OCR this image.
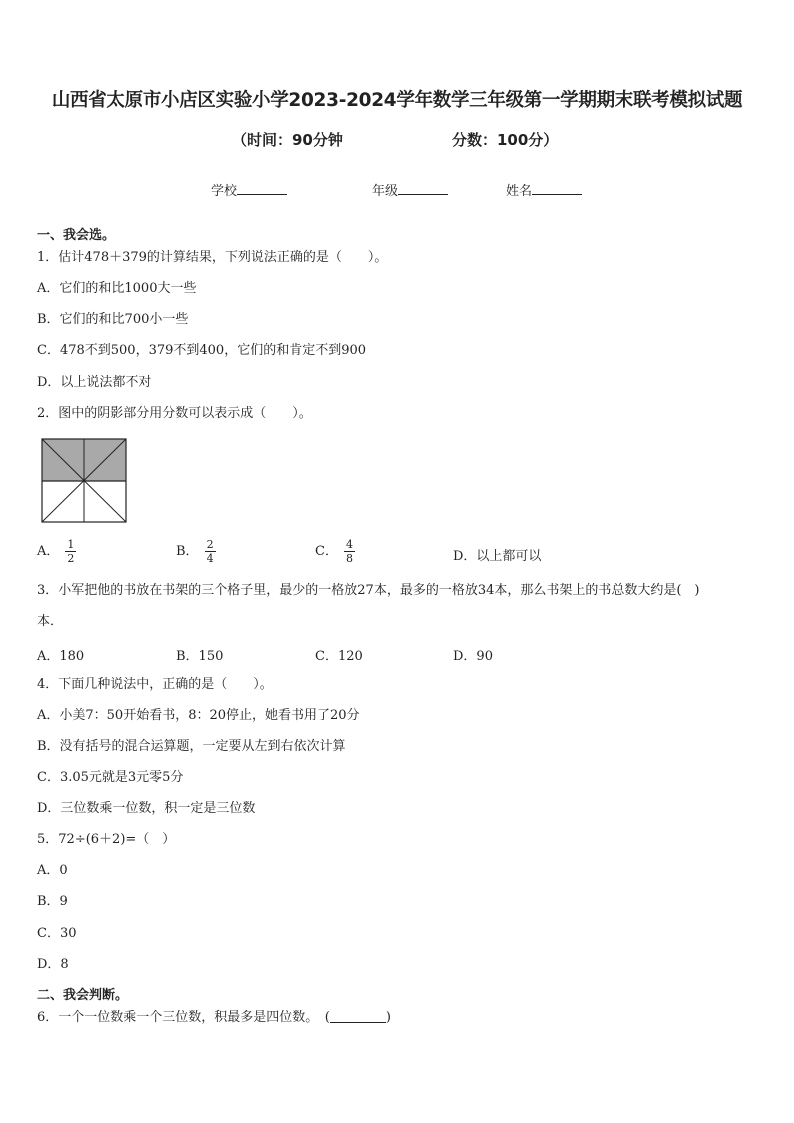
山西省太原市小店区实验小学2023-2024学年数学三年级第一学期期末联考模拟试题
（时间：90分钟	分数：100分）
学校	年级	姓名
一、我会选。
1．估计478＋379的计算结果，下列说法正确的是（　　）。
A．它们的和比1000大一些
B．它们的和比700小一些
C．478不到500，379不到400，它们的和肯定不到900
D．以上说法都不对
2．图中的阴影部分用分数可以表示成（　　）。
A． $\frac{1}{2}$	B． $\frac{2}{4}$	C． $\frac{4}{8}$	D．以上都可以
3．小军把他的书放在书架的三个格子里，最少的一格放27本，最多的一格放34本，那么书架上的书总数大约是(　)
本．
A．180	B．150	C．120	D．90
4．下面几种说法中，正确的是（　　）。
A．小美7：50开始看书，8：20停止，她看书用了20分
B．没有括号的混合运算题，一定要从左到右依次计算
C．3.05元就是3元零5分
D．三位数乘一位数，积一定是三位数
5．72÷(6＋2)=（　）
A．0
B．9
C．30
D．8
二、我会判断。
6．一个一位数乘一个三位数，积最多是四位数。　(	)
